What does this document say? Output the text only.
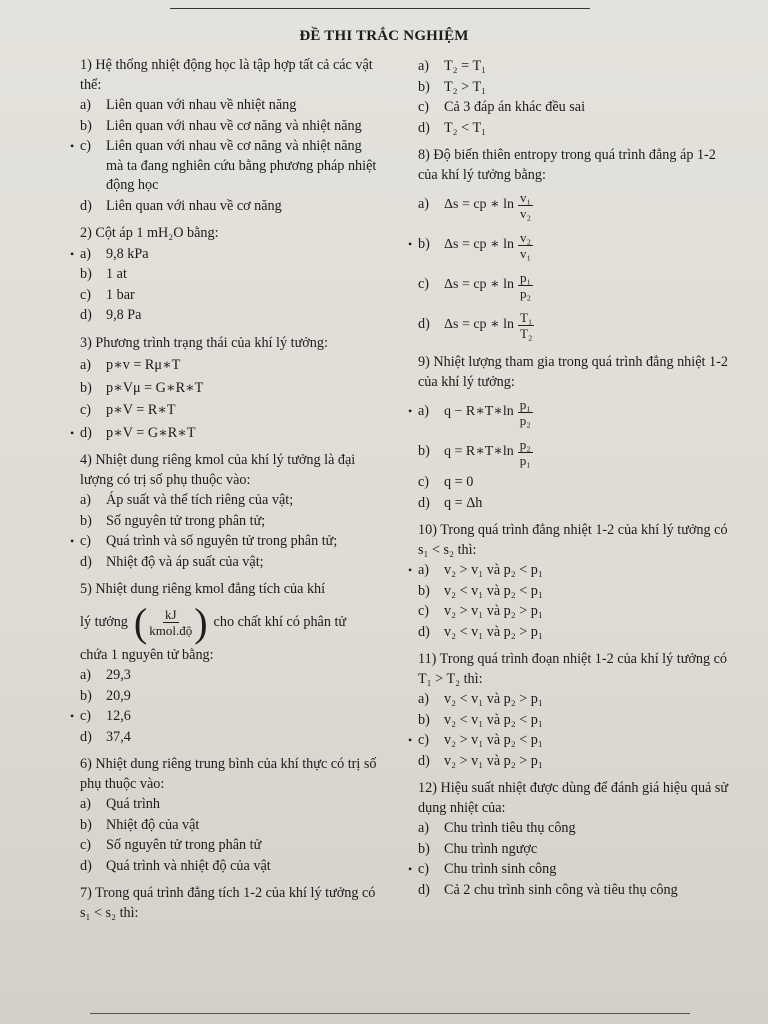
ĐỀ THI TRẮC NGHIỆM
1) Hệ thống nhiệt động học là tập hợp tất cả các vật thể:
a) Liên quan với nhau về nhiệt năng
b) Liên quan với nhau về cơ năng và nhiệt năng
• c) Liên quan với nhau về cơ năng và nhiệt năng mà ta đang nghiên cứu bằng phương pháp nhiệt động học
d) Liên quan với nhau về cơ năng
2) Cột áp 1 mH₂O bằng:
• a) 9,8 kPa
b) 1 at
c) 1 bar
d) 9,8 Pa
3) Phương trình trạng thái của khí lý tưởng:
a) p∗v = Rμ∗T
b) p∗Vμ = G∗R∗T
c) p∗V = R∗T
• d) p∗V = G∗R∗T
4) Nhiệt dung riêng kmol của khí lý tưởng là đại lượng có trị số phụ thuộc vào:
a) Áp suất và thể tích riêng của vật;
b) Số nguyên tử trong phân tử;
• c) Quá trình và số nguyên tử trong phân tử;
d) Nhiệt độ và áp suất của vật;
5) Nhiệt dung riêng kmol đẳng tích của khí
lý tưởng ( $\frac{kJ}{\text{kmol.độ}}$ ) cho chất khí có phân tử
chứa 1 nguyên tử bằng:
a) 29,3
b) 20,9
• c) 12,6
d) 37,4
6) Nhiệt dung riêng trung bình của khí thực có trị số phụ thuộc vào:
a) Quá trình
b) Nhiệt độ của vật
c) Số nguyên tử trong phân tử
d) Quá trình và nhiệt độ của vật
7) Trong quá trình đẳng tích 1-2 của khí lý tưởng có s₁ < s₂ thì:
a) T₂ = T₁
b) T₂ > T₁
c) Cả 3 đáp án khác đều sai
d) T₂ < T₁
8) Độ biến thiên entropy trong quá trình đẳng áp 1-2 của khí lý tưởng bằng:
a) Δs = cp ∗ $\ln \frac{\text{v₁}}{\text{v₂}}$
• b) Δs = cp ∗ $\ln \frac{\text{v₂}}{\text{v₁}}$
c) Δs = cp ∗ $\ln \frac{\text{p₁}}{\text{p₂}}$
d) Δs = cp ∗ $\ln \frac{\text{T₁}}{\text{T₂}}$
9) Nhiệt lượng tham gia trong quá trình đẳng nhiệt 1-2 của khí lý tưởng:
• a) q − R∗T∗ln $\frac{\text{p₁}}{\text{p₂}}$
b) q = R∗T∗ln $\frac{\text{p₂}}{\text{p₁}}$
c) q = 0
d) q = Δh
10) Trong quá trình đẳng nhiệt 1-2 của khí lý tưởng có s₁ < s₂ thì:
• a) v₂ > v₁ và p₂ < p₁
b) v₂ < v₁ và p₂ < p₁
c) v₂ > v₁ và p₂ > p₁
d) v₂ < v₁ và p₂ > p₁
11) Trong quá trình đoạn nhiệt 1-2 của khí lý tưởng có T₁ > T₂ thì:
a) v₂ < v₁ và p₂ > p₁
b) v₂ < v₁ và p₂ < p₁
• c) v₂ > v₁ và p₂ < p₁
d) v₂ > v₁ và p₂ > p₁
12) Hiệu suất nhiệt được dùng để đánh giá hiệu quả sử dụng nhiệt của:
a) Chu trình tiêu thụ công
b) Chu trình ngược
• c) Chu trình sinh công
d) Cả 2 chu trình sinh công và tiêu thụ công
